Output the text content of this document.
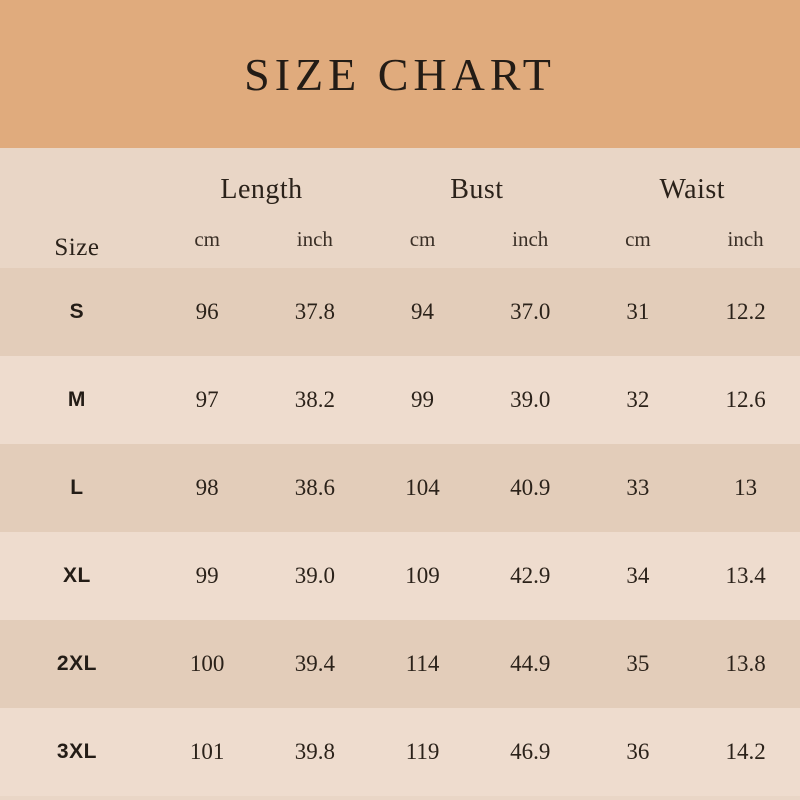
SIZE CHART
Size	Length		Bust		Waist	
	cm	inch	cm	inch	cm	inch
S	96	37.8	94	37.0	31	12.2
M	97	38.2	99	39.0	32	12.6
L	98	38.6	104	40.9	33	13
XL	99	39.0	109	42.9	34	13.4
2XL	100	39.4	114	44.9	35	13.8
3XL	101	39.8	119	46.9	36	14.2
